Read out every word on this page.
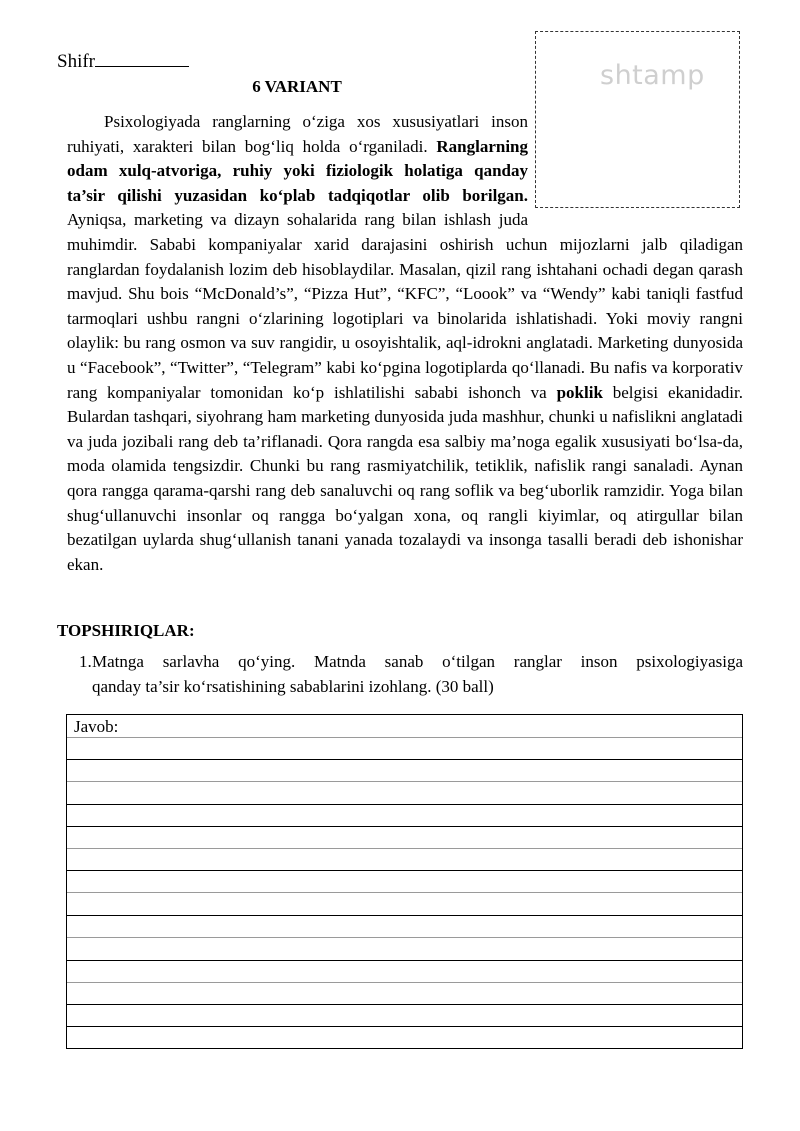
Shifr	shtamp
6 VARIANT

Psixologiyada ranglarning o‘ziga xos xususiyatlari inson ruhiyati, xarakteri bilan bog‘liq holda o‘rganiladi. Ranglarning odam xulq-atvoriga, ruhiy yoki fiziologik holatiga qanday ta’sir qilishi yuzasidan ko‘plab tadqiqotlar olib borilgan. Ayniqsa, marketing va dizayn sohalarida rang bilan ishlash juda muhimdir. Sababi kompaniyalar xarid darajasini oshirish uchun mijozlarni jalb qiladigan ranglardan foydalanish lozim deb hisoblaydilar. Masalan, qizil rang ishtahani ochadi degan qarash mavjud. Shu bois “McDonald’s”, “Pizza Hut”, “KFC”, “Loook” va “Wendy” kabi taniqli fastfud tarmoqlari ushbu rangni o‘zlarining logotiplari va binolarida ishlatishadi. Yoki moviy rangni olaylik: bu rang osmon va suv rangidir, u osoyishtalik, aql-idrokni anglatadi. Marketing dunyosida u “Facebook”, “Twitter”, “Telegram” kabi ko‘pgina logotiplarda qo‘llanadi. Bu nafis va korporativ rang kompaniyalar tomonidan ko‘p ishlatilishi sababi ishonch va poklik belgisi ekanidadir. Bulardan tashqari, siyohrang ham marketing dunyosida juda mashhur, chunki u nafislikni anglatadi va juda jozibali rang deb ta’riflanadi. Qora rangda esa salbiy ma’noga egalik xususiyati bo‘lsa-da, moda olamida tengsizdir. Chunki bu rang rasmiyatchilik, tetiklik, nafislik rangi sanaladi. Aynan qora rangga qarama-qarshi rang deb sanaluvchi oq rang soflik va beg‘uborlik ramzidir. Yoga bilan shug‘ullanuvchi insonlar oq rangga bo‘yalgan xona, oq rangli kiyimlar, oq atirgullar bilan bezatilgan uylarda shug‘ullanish tanani yanada tozalaydi va insonga tasalli beradi deb ishonishar ekan.

TOPSHIRIQLAR:
1. Matnga sarlavha qo‘ying. Matnda sanab o‘tilgan ranglar inson psixologiyasiga
qanday ta’sir ko‘rsatishining sabablarini izohlang. (30 ball)
Javob:
